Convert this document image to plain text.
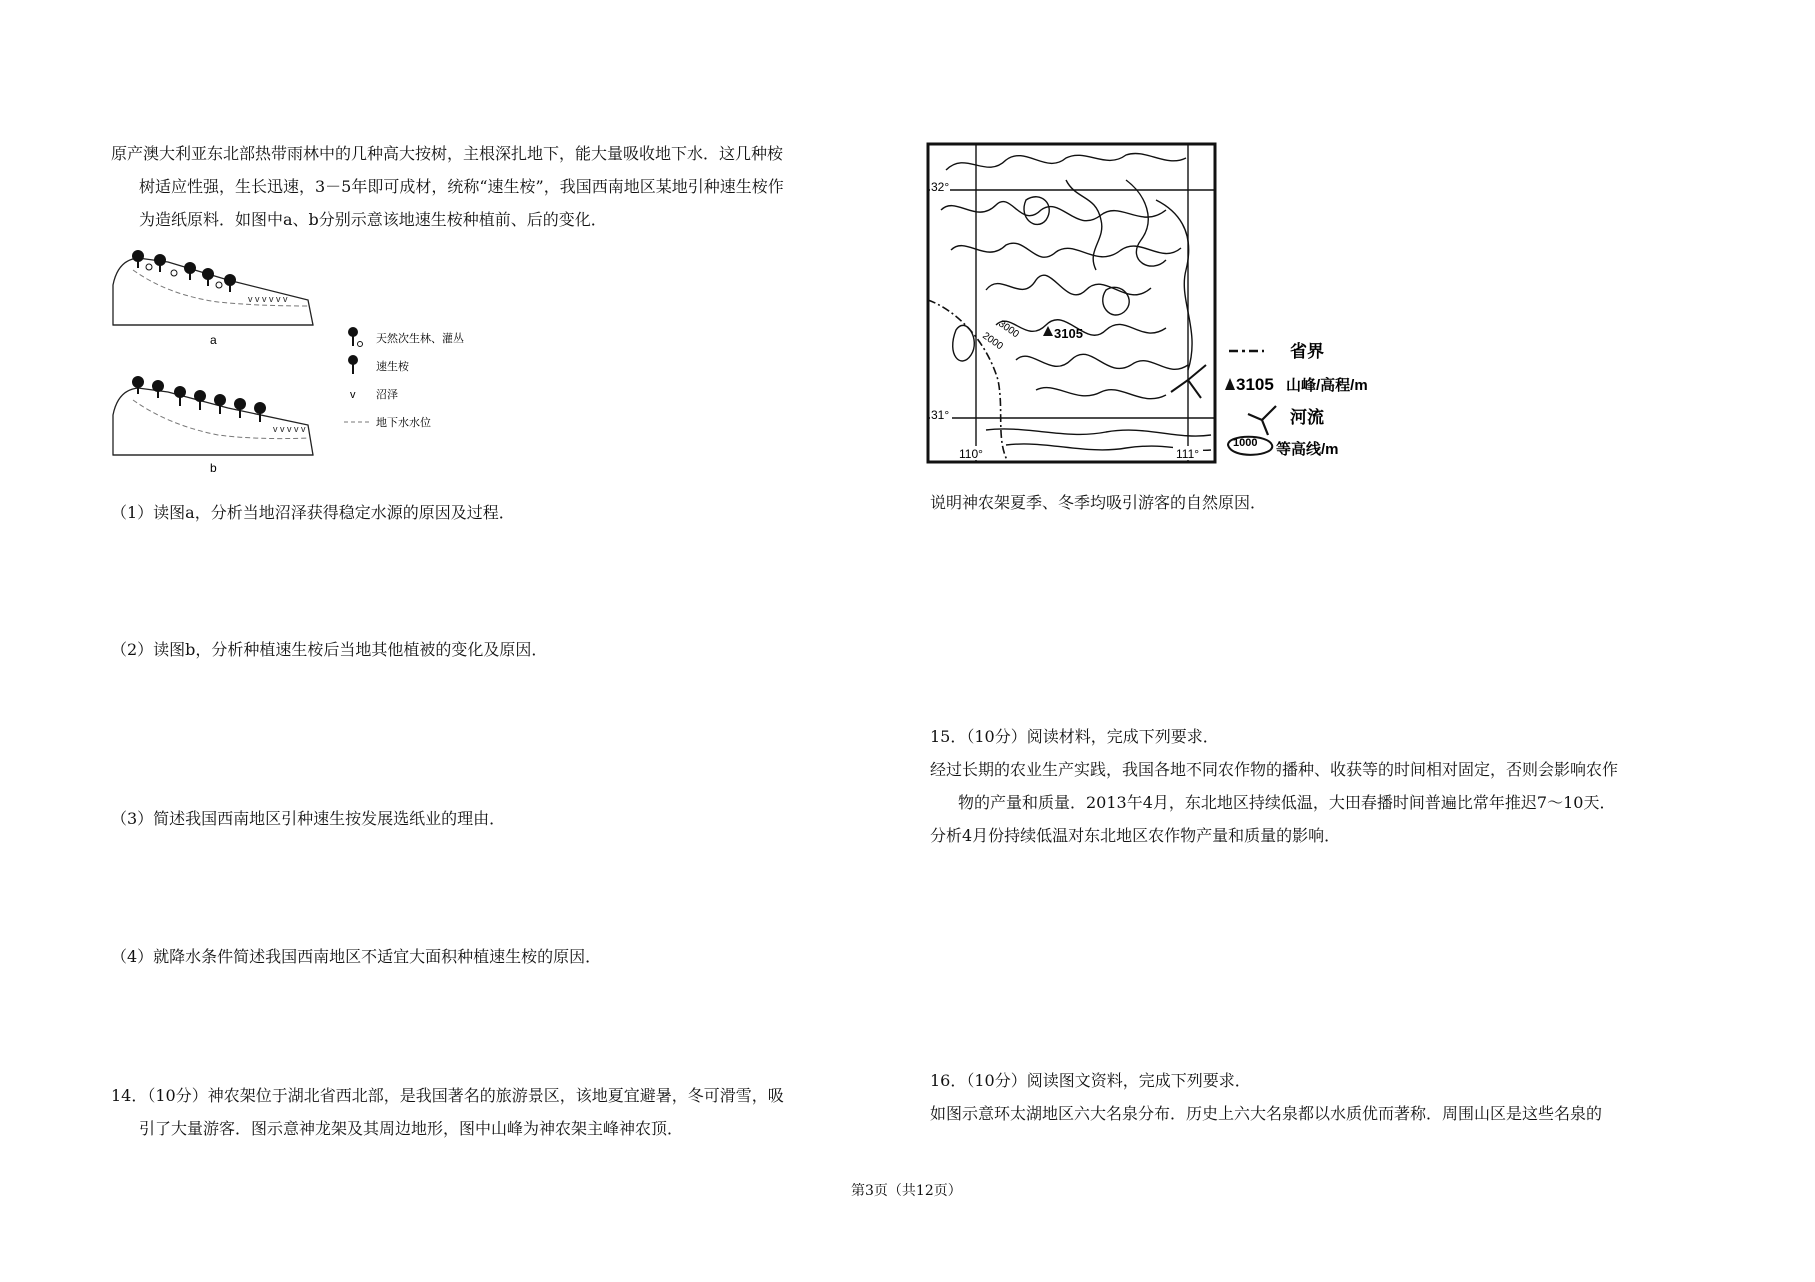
原产澳大利亚东北部热带雨林中的几种高大按树，主根深扎地下，能大量吸收地下水．这几种桉
树适应性强，生长迅速，3－5年即可成材，统称“速生桉”，我国西南地区某地引种速生桉作
为造纸原料．如图中a、b分别示意该地速生桉种植前、后的变化．
v v v v v v
a
v v v v v
b
天然次生林、灌丛
速生桉
v 沼泽
地下水水位
（1）读图a，分析当地沼泽获得稳定水源的原因及过程．
（2）读图b，分析种植速生桉后当地其他植被的变化及原因．
（3）简述我国西南地区引种速生按发展选纸业的理由．
（4）就降水条件简述我国西南地区不适宜大面积种植速生桉的原因．
14．（10分）神农架位于湖北省西北部，是我国著名的旅游景区，该地夏宜避暑，冬可滑雪，吸
引了大量游客．图示意神龙架及其周边地形，图中山峰为神农架主峰神农顶．
3105
3000
2000
32°
31°
110°	111°
省界
3105 山峰/高程/m
河流
1000 等高线/m
说明神农架夏季、冬季均吸引游客的自然原因．
15．（10分）阅读材料，完成下列要求．
经过长期的农业生产实践，我国各地不同农作物的播种、收获等的时间相对固定，否则会影响农作
物的产量和质量．2013午4月，东北地区持续低温，大田春播时间普遍比常年推迟7～10天．
分析4月份持续低温对东北地区农作物产量和质量的影响．
16．（10分）阅读图文资料，完成下列要求．
如图示意环太湖地区六大名泉分布．历史上六大名泉都以水质优而著称．周围山区是这些名泉的
第3页（共12页）
